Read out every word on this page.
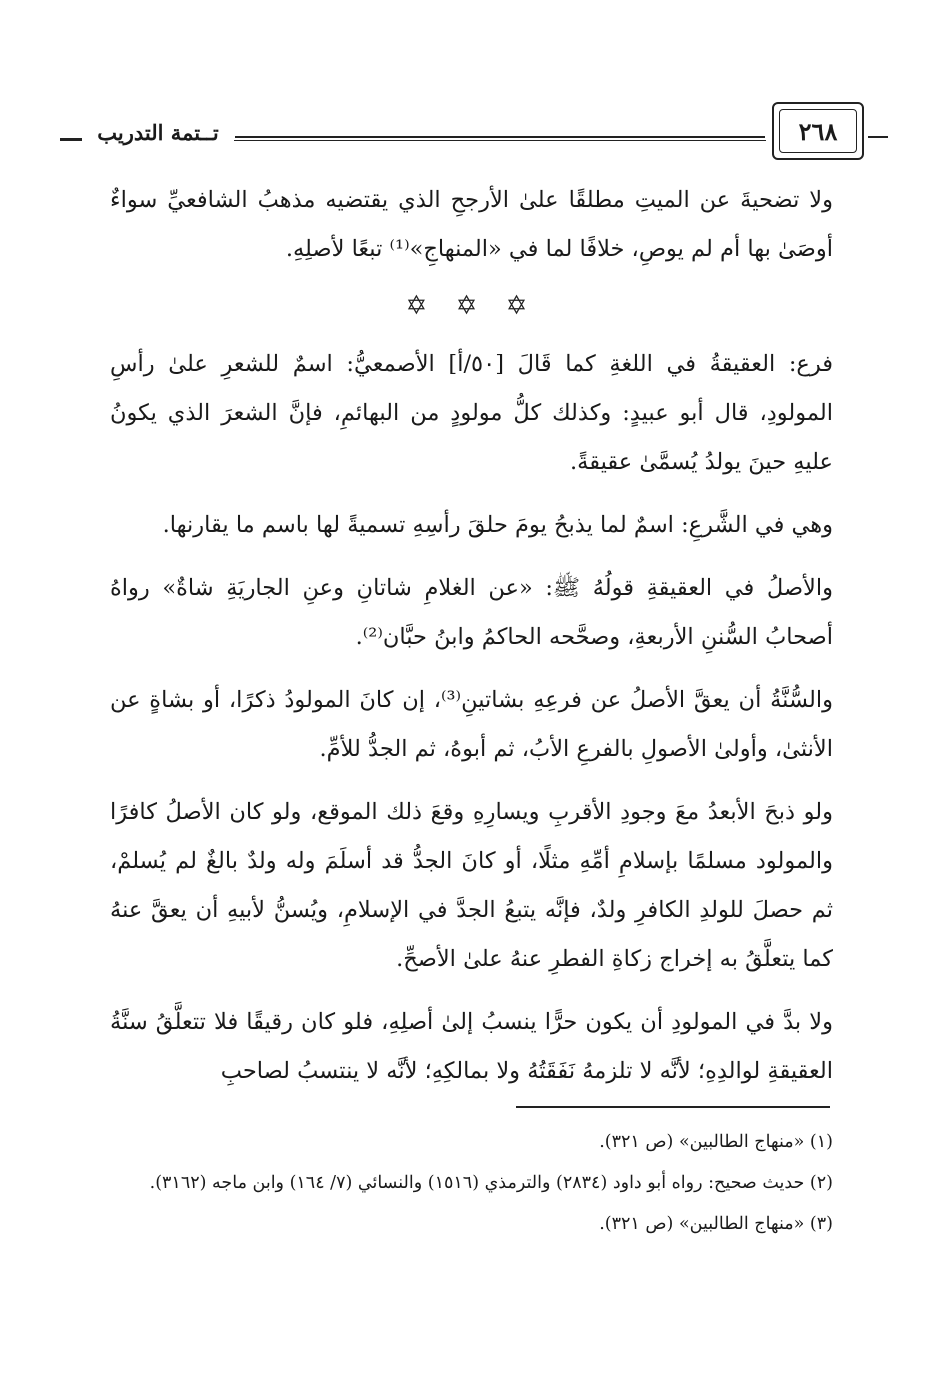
تــتمة التدريب	٢٦٨

ولا تضحيةَ عن الميتِ مطلقًا علىٰ الأرجحِ الذي يقتضيه مذهبُ الشافعيِّ سواءٌ أوصَىٰ بها أم لم يوصِ، خلافًا لما في «المنهاجِ»⁽¹⁾ تبعًا لأصلِهِ.

✡ ✡ ✡

فرع: العقيقةُ في اللغةِ كما قَالَ [٥٠/أ] الأصمعيُّ: اسمٌ للشعرِ علىٰ رأسِ المولودِ، قال أبو عبيدٍ: وكذلك كلُّ مولودٍ من البهائمِ، فإنَّ الشعرَ الذي يكونُ عليهِ حينَ يولدُ يُسمَّىٰ عقيقةً.

وهي في الشَّرعِ: اسمٌ لما يذبحُ يومَ حلقَ رأسِهِ تسميةً لها باسم ما يقارنها.

والأصلُ في العقيقةِ قولُهُ ﷺ: «عن الغلامِ شاتانِ وعنِ الجاريَةِ شاةٌ» رواهُ أصحابُ السُّننِ الأربعةِ، وصحَّحه الحاكمُ وابنُ حبَّان⁽²⁾.

والسُّنَّةُ أن يعقَّ الأصلُ عن فرعِهِ بشاتينِ⁽³⁾، إن كانَ المولودُ ذكرًا، أو بشاةٍ عن الأنثىٰ، وأولىٰ الأصولِ بالفرعِ الأبُ، ثم أبوهُ، ثم الجدُّ للأمِّ.

ولو ذبحَ الأبعدُ معَ وجودِ الأقربِ ويسارِهِ وقعَ ذلك الموقع، ولو كان الأصلُ كافرًا والمولود مسلمًا بإسلامِ أمِّهِ مثلًا، أو كانَ الجدُّ قد أسلَمَ وله ولدٌ بالغٌ لم يُسلمْ، ثم حصلَ للولدِ الكافرِ ولدٌ، فإنَّه يتبعُ الجدَّ في الإسلامِ، ويُسنُّ لأبيهِ أن يعقَّ عنهُ كما يتعلَّقُ به إخراج زكاةِ الفطرِ عنهُ علىٰ الأصحِّ.

ولا بدَّ في المولودِ أن يكون حرًّا ينسبُ إلىٰ أصلِهِ، فلو كان رقيقًا فلا تتعلَّقُ سنَّةُ العقيقةِ لوالدِهِ؛ لأنَّه لا تلزمهُ نَفَقَتُهُ ولا بمالكِهِ؛ لأنَّه لا ينتسبُ لصاحبِ

(١) «منهاج الطالبين» (ص ٣٢١).

(٢) حديث صحيح: رواه أبو داود (٢٨٣٤) والترمذي (١٥١٦) والنسائي (٧/ ١٦٤) وابن ماجه (٣١٦٢).

(٣) «منهاج الطالبين» (ص ٣٢١).
